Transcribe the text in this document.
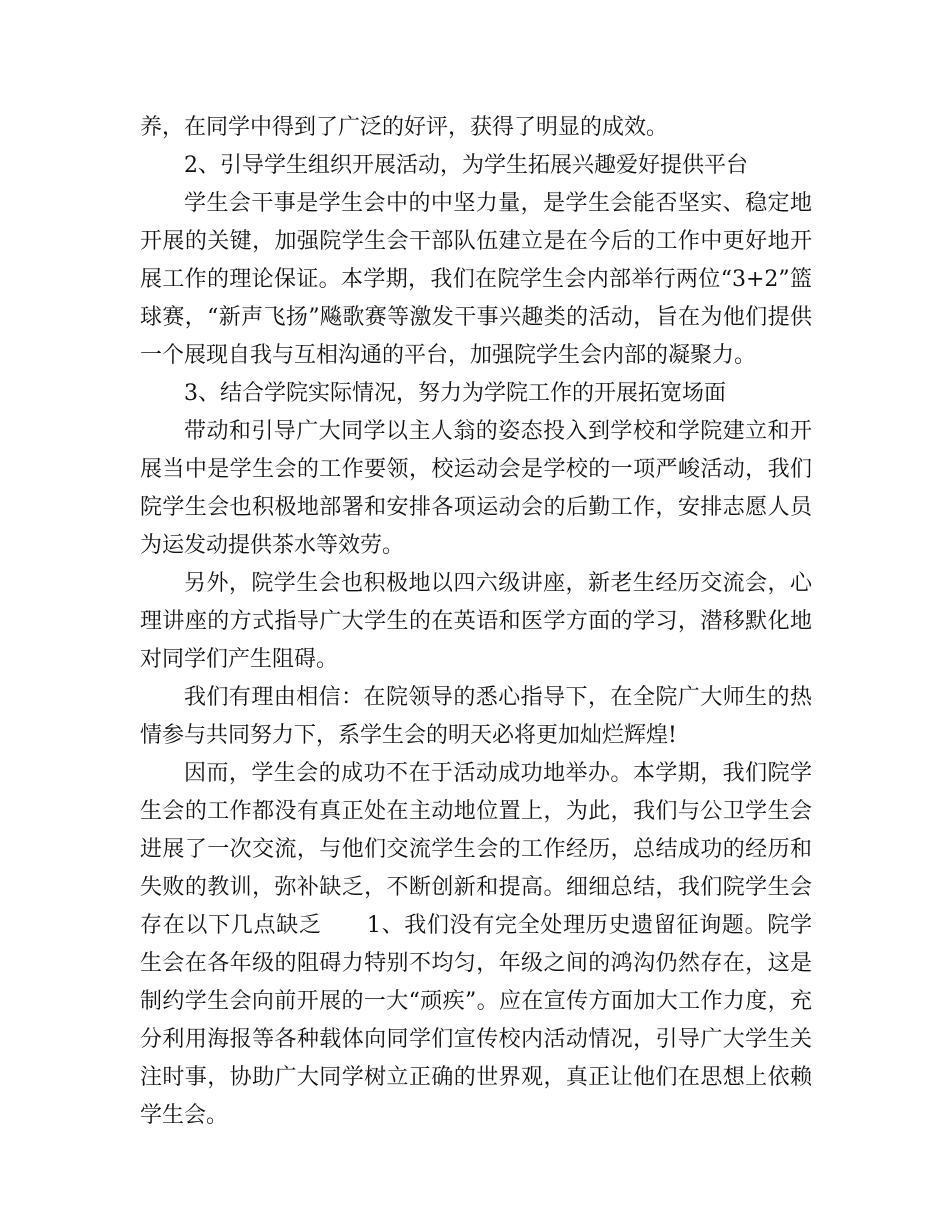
养，在同学中得到了广泛的好评，获得了明显的成效。

2、引导学生组织开展活动，为学生拓展兴趣爱好提供平台

学生会干事是学生会中的中坚力量，是学生会能否坚实、稳定地开展的关键，加强院学生会干部队伍建立是在今后的工作中更好地开展工作的理论保证。本学期，我们在院学生会内部举行两位“3+2”篮球赛，“新声飞扬”飚歌赛等激发干事兴趣类的活动，旨在为他们提供一个展现自我与互相沟通的平台，加强院学生会内部的凝聚力。

3、结合学院实际情况，努力为学院工作的开展拓宽场面

带动和引导广大同学以主人翁的姿态投入到学校和学院建立和开展当中是学生会的工作要领，校运动会是学校的一项严峻活动，我们院学生会也积极地部署和安排各项运动会的后勤工作，安排志愿人员为运发动提供茶水等效劳。

另外，院学生会也积极地以四六级讲座，新老生经历交流会，心理讲座的方式指导广大学生的在英语和医学方面的学习，潜移默化地对同学们产生阻碍。

我们有理由相信：在院领导的悉心指导下，在全院广大师生的热情参与共同努力下，系学生会的明天必将更加灿烂辉煌!

因而，学生会的成功不在于活动成功地举办。本学期，我们院学生会的工作都没有真正处在主动地位置上，为此，我们与公卫学生会进展了一次交流，与他们交流学生会的工作经历，总结成功的经历和失败的教训，弥补缺乏，不断创新和提高。细细总结，我们院学生会存在以下几点缺乏　　1、我们没有完全处理历史遗留征询题。院学生会在各年级的阻碍力特别不均匀，年级之间的鸿沟仍然存在，这是制约学生会向前开展的一大“顽疾”。应在宣传方面加大工作力度，充分利用海报等各种载体向同学们宣传校内活动情况，引导广大学生关注时事，协助广大同学树立正确的世界观，真正让他们在思想上依赖学生会。
